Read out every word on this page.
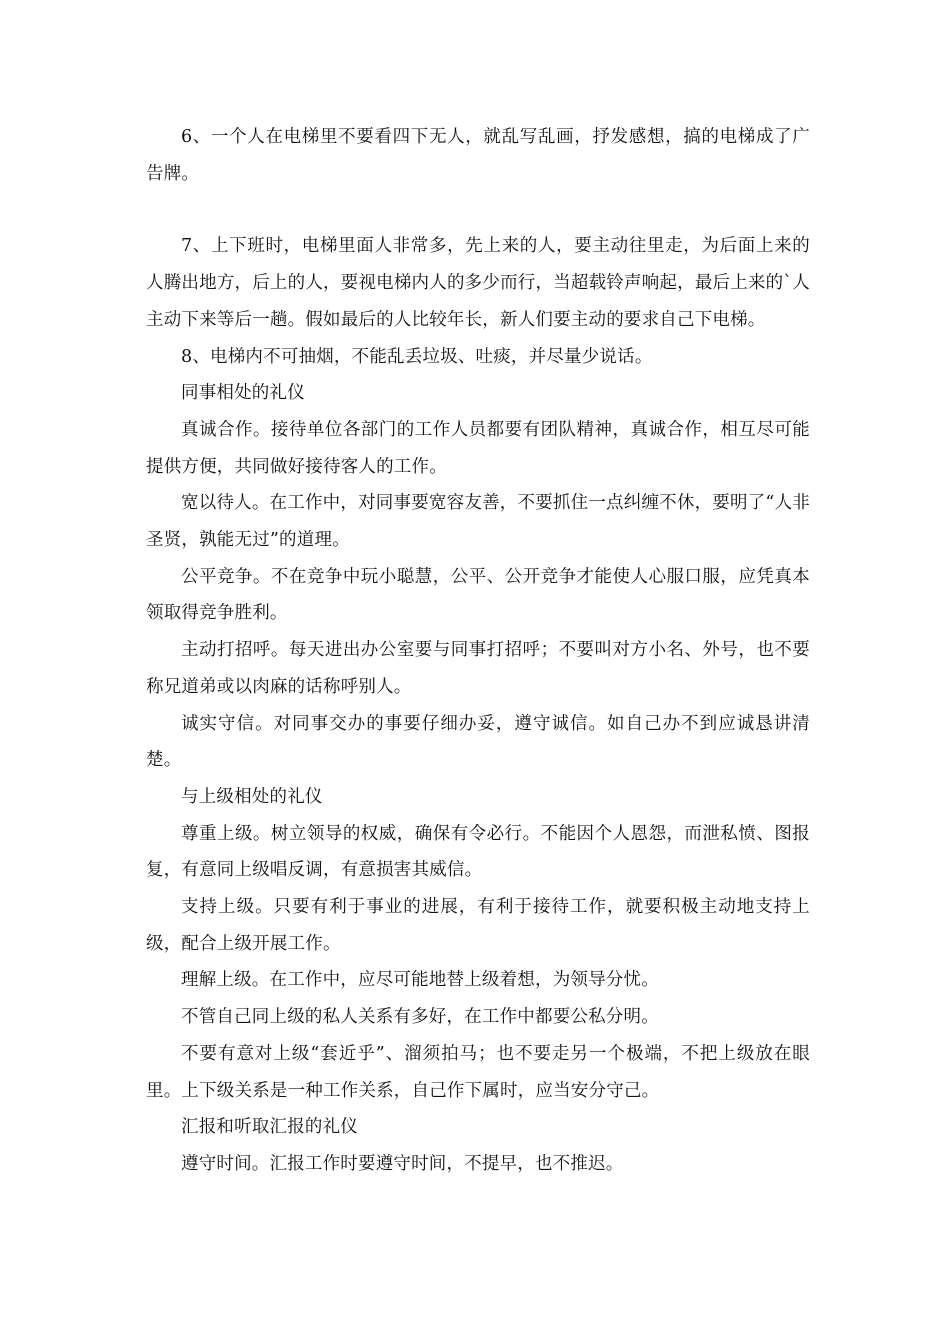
6、一个人在电梯里不要看四下无人，就乱写乱画，抒发感想，搞的电梯成了广告牌。

7、上下班时，电梯里面人非常多，先上来的人，要主动往里走，为后面上来的人腾出地方，后上的人，要视电梯内人的多少而行，当超载铃声响起，最后上来的`人主动下来等后一趟。假如最后的人比较年长，新人们要主动的要求自己下电梯。

8、电梯内不可抽烟，不能乱丢垃圾、吐痰，并尽量少说话。

同事相处的礼仪

真诚合作。接待单位各部门的工作人员都要有团队精神，真诚合作，相互尽可能提供方便，共同做好接待客人的工作。

宽以待人。在工作中，对同事要宽容友善，不要抓住一点纠缠不休，要明了“人非圣贤，孰能无过”的道理。

公平竞争。不在竞争中玩小聪慧，公平、公开竞争才能使人心服口服，应凭真本领取得竞争胜利。

主动打招呼。每天进出办公室要与同事打招呼；不要叫对方小名、外号，也不要称兄道弟或以肉麻的话称呼别人。

诚实守信。对同事交办的事要仔细办妥，遵守诚信。如自己办不到应诚恳讲清楚。

与上级相处的礼仪

尊重上级。树立领导的权威，确保有令必行。不能因个人恩怨，而泄私愤、图报复，有意同上级唱反调，有意损害其威信。

支持上级。只要有利于事业的进展，有利于接待工作，就要积极主动地支持上级，配合上级开展工作。

理解上级。在工作中，应尽可能地替上级着想，为领导分忧。

不管自己同上级的私人关系有多好，在工作中都要公私分明。

不要有意对上级“套近乎”、溜须拍马；也不要走另一个极端，不把上级放在眼里。上下级关系是一种工作关系，自己作下属时，应当安分守己。

汇报和听取汇报的礼仪

遵守时间。汇报工作时要遵守时间，不提早，也不推迟。
